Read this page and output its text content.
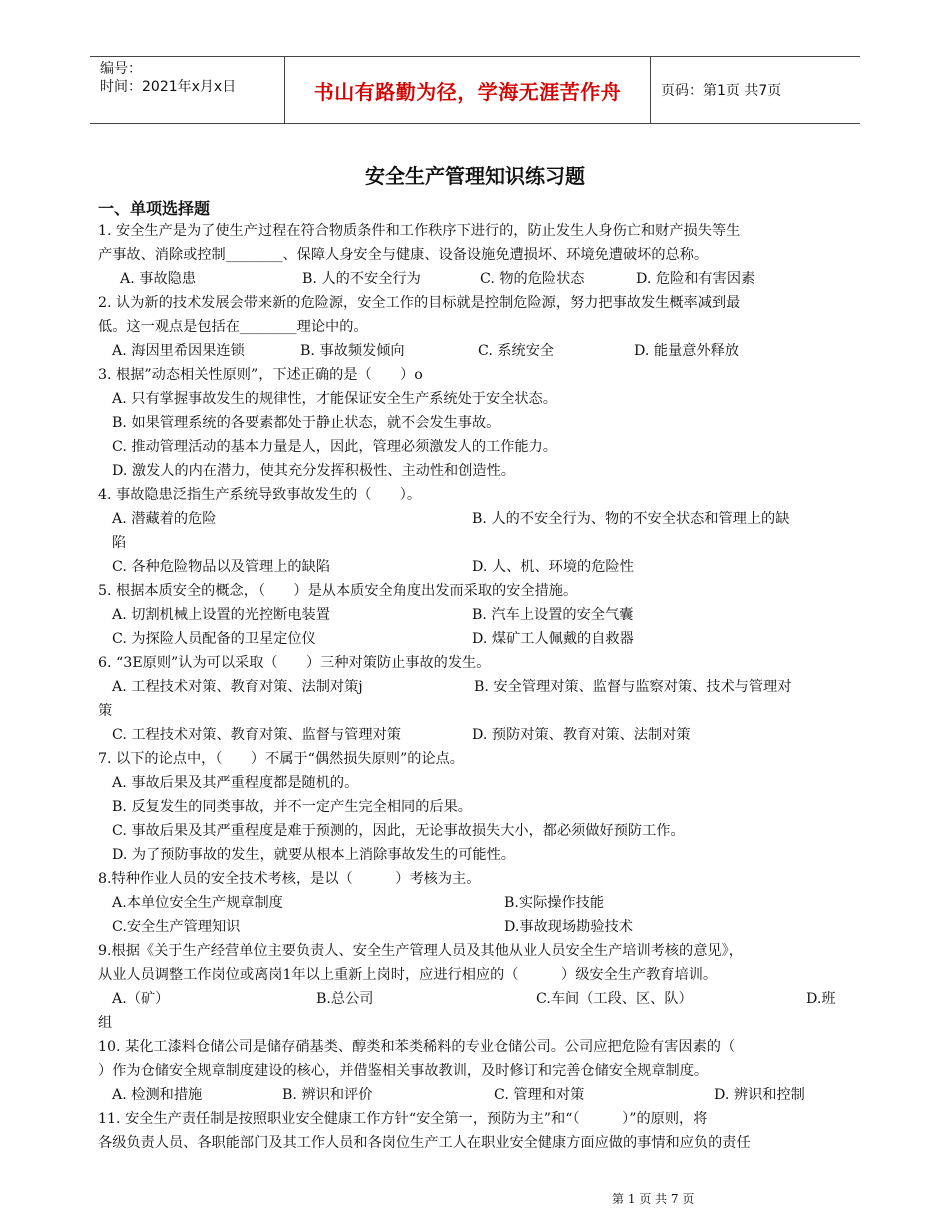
编号：
时间：2021年x月x日	书山有路勤为径，学海无涯苦作舟	页码：第1页 共7页
安全生产管理知识练习题
一、单项选择题
1. 安全生产是为了使生产过程在符合物质条件和工作秩序下进行的，防止发生人身伤亡和财产损失等生
产事故、消除或控制________、保障人身安全与健康、设备设施免遭损坏、环境免遭破坏的总称。
A. 事故隐患	B. 人的不安全行为	C. 物的危险状态	D. 危险和有害因素
2. 认为新的技术发展会带来新的危险源，安全工作的目标就是控制危险源，努力把事故发生概率减到最
低。这一观点是包括在________理论中的。
A. 海因里希因果连锁	B. 事故频发倾向	C. 系统安全	D. 能量意外释放
3. 根据”动态相关性原则”，下述正确的是（　　）o
A. 只有掌握事故发生的规律性，才能保证安全生产系统处于安全状态。
B. 如果管理系统的各要素都处于静止状态，就不会发生事故。
C. 推动管理活动的基本力量是人，因此，管理必须激发人的工作能力。
D. 激发人的内在潜力，使其充分发挥积极性、主动性和创造性。
4. 事故隐患泛指生产系统导致事故发生的（　　）。
A. 潜藏着的危险	B. 人的不安全行为、物的不安全状态和管理上的缺
陷
C. 各种危险物品以及管理上的缺陷	D. 人、机、环境的危险性
5. 根据本质安全的概念，（　　）是从本质安全角度出发而采取的安全措施。
A. 切割机械上设置的光控断电装置	B. 汽车上设置的安全气囊
C. 为探险人员配备的卫星定位仪	D. 煤矿工人佩戴的自救器
6. “3E原则”认为可以采取（　　）三种对策防止事故的发生。
A. 工程技术对策、教育对策、法制对策j	B. 安全管理对策、监督与监察对策、技术与管理对
策
C. 工程技术对策、教育对策、监督与管理对策	D. 预防对策、教育对策、法制对策
7. 以下的论点中，（　　）不属于“偶然损失原则”的论点。
A. 事故后果及其严重程度都是随机的。
B. 反复发生的同类事故，并不一定产生完全相同的后果。
C. 事故后果及其严重程度是难于预测的，因此，无论事故损失大小，都必须做好预防工作。
D. 为了预防事故的发生，就要从根本上消除事故发生的可能性。
8.特种作业人员的安全技术考核，是以（　　　）考核为主。
A.本单位安全生产规章制度	B.实际操作技能
C.安全生产管理知识	D.事故现场勘验技术
9.根据《关于生产经营单位主要负责人、安全生产管理人员及其他从业人员安全生产培训考核的意见》，
从业人员调整工作岗位或离岗1年以上重新上岗时，应进行相应的（　　　）级安全生产教育培训。
A.（矿）	B.总公司	C.车间（工段、区、队）	D.班
组
10. 某化工漆料仓储公司是储存硝基类、醇类和苯类稀料的专业仓储公司。公司应把危险有害因素的（
）作为仓储安全规章制度建设的核心，并借鉴相关事故教训，及时修订和完善仓储安全规章制度。
A. 检测和措施	B. 辨识和评价	C. 管理和对策	D. 辨识和控制
11. 安全生产责任制是按照职业安全健康工作方针“安全第一，预防为主”和“（　　　）”的原则，将
各级负责人员、各职能部门及其工作人员和各岗位生产工人在职业安全健康方面应做的事情和应负的责任
第 1 页 共 7 页
